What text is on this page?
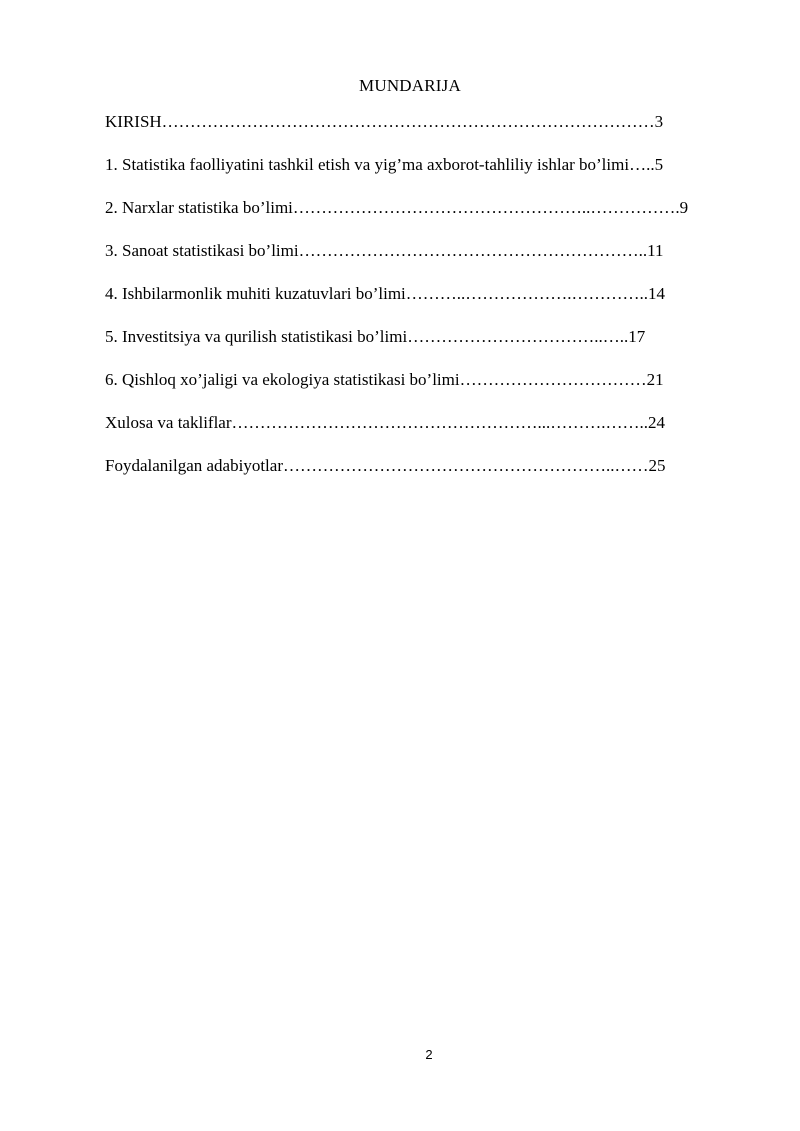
MUNDARIJA
KIRISH……………………………………………………………………………3
1. Statistika faolliyatini tashkil etish va yig’ma axborot-tahliliy ishlar bo’limi…..5
2. Narxlar statistika bo’limi……………………………………………..…………….9
3. Sanoat statistikasi bo’limi……………………………………………………..11
4. Ishbilarmonlik muhiti kuzatuvlari bo’limi………..……………….…………..14
5. Investitsiya va qurilish statistikasi bo’limi……………………………..…..17
6. Qishloq xo’jaligi va ekologiya statistikasi bo’limi……………………………21
Xulosa va takliflar………………………………………………...……….……..24
Foydalanilgan adabiyotlar…………………………………………………..……25
2
